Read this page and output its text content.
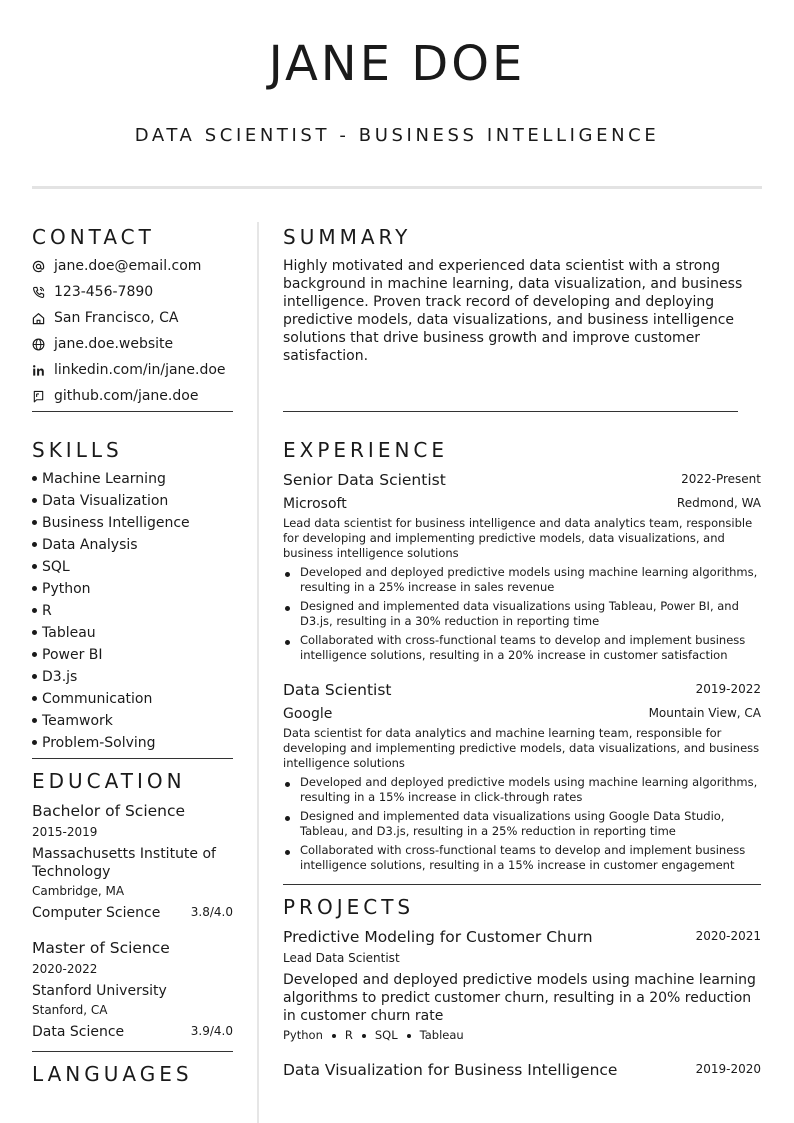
JANE DOE
DATA SCIENTIST - BUSINESS INTELLIGENCE
CONTACT
jane.doe@email.com
123-456-7890
San Francisco, CA
jane.doe.website
linkedin.com/in/jane.doe
github.com/jane.doe
SKILLS
Machine Learning
Data Visualization
Business Intelligence
Data Analysis
SQL
Python
R
Tableau
Power BI
D3.js
Communication
Teamwork
Problem-Solving
EDUCATION
Bachelor of Science
2015-2019
Massachusetts Institute of Technology
Cambridge, MA
Computer Science	3.8/4.0
Master of Science
2020-2022
Stanford University
Stanford, CA
Data Science	3.9/4.0
LANGUAGES
SUMMARY
Highly motivated and experienced data scientist with a strong background in machine learning, data visualization, and business intelligence. Proven track record of developing and deploying predictive models, data visualizations, and business intelligence solutions that drive business growth and improve customer satisfaction.
EXPERIENCE
Senior Data Scientist	2022-Present
Microsoft	Redmond, WA
Lead data scientist for business intelligence and data analytics team, responsible for developing and implementing predictive models, data visualizations, and business intelligence solutions
Developed and deployed predictive models using machine learning algorithms, resulting in a 25% increase in sales revenue
Designed and implemented data visualizations using Tableau, Power BI, and D3.js, resulting in a 30% reduction in reporting time
Collaborated with cross-functional teams to develop and implement business intelligence solutions, resulting in a 20% increase in customer satisfaction
Data Scientist	2019-2022
Google	Mountain View, CA
Data scientist for data analytics and machine learning team, responsible for developing and implementing predictive models, data visualizations, and business intelligence solutions
Developed and deployed predictive models using machine learning algorithms, resulting in a 15% increase in click-through rates
Designed and implemented data visualizations using Google Data Studio, Tableau, and D3.js, resulting in a 25% reduction in reporting time
Collaborated with cross-functional teams to develop and implement business intelligence solutions, resulting in a 15% increase in customer engagement
PROJECTS
Predictive Modeling for Customer Churn	2020-2021
Lead Data Scientist
Developed and deployed predictive models using machine learning algorithms to predict customer churn, resulting in a 20% reduction in customer churn rate
Python R SQL Tableau
Data Visualization for Business Intelligence	2019-2020
